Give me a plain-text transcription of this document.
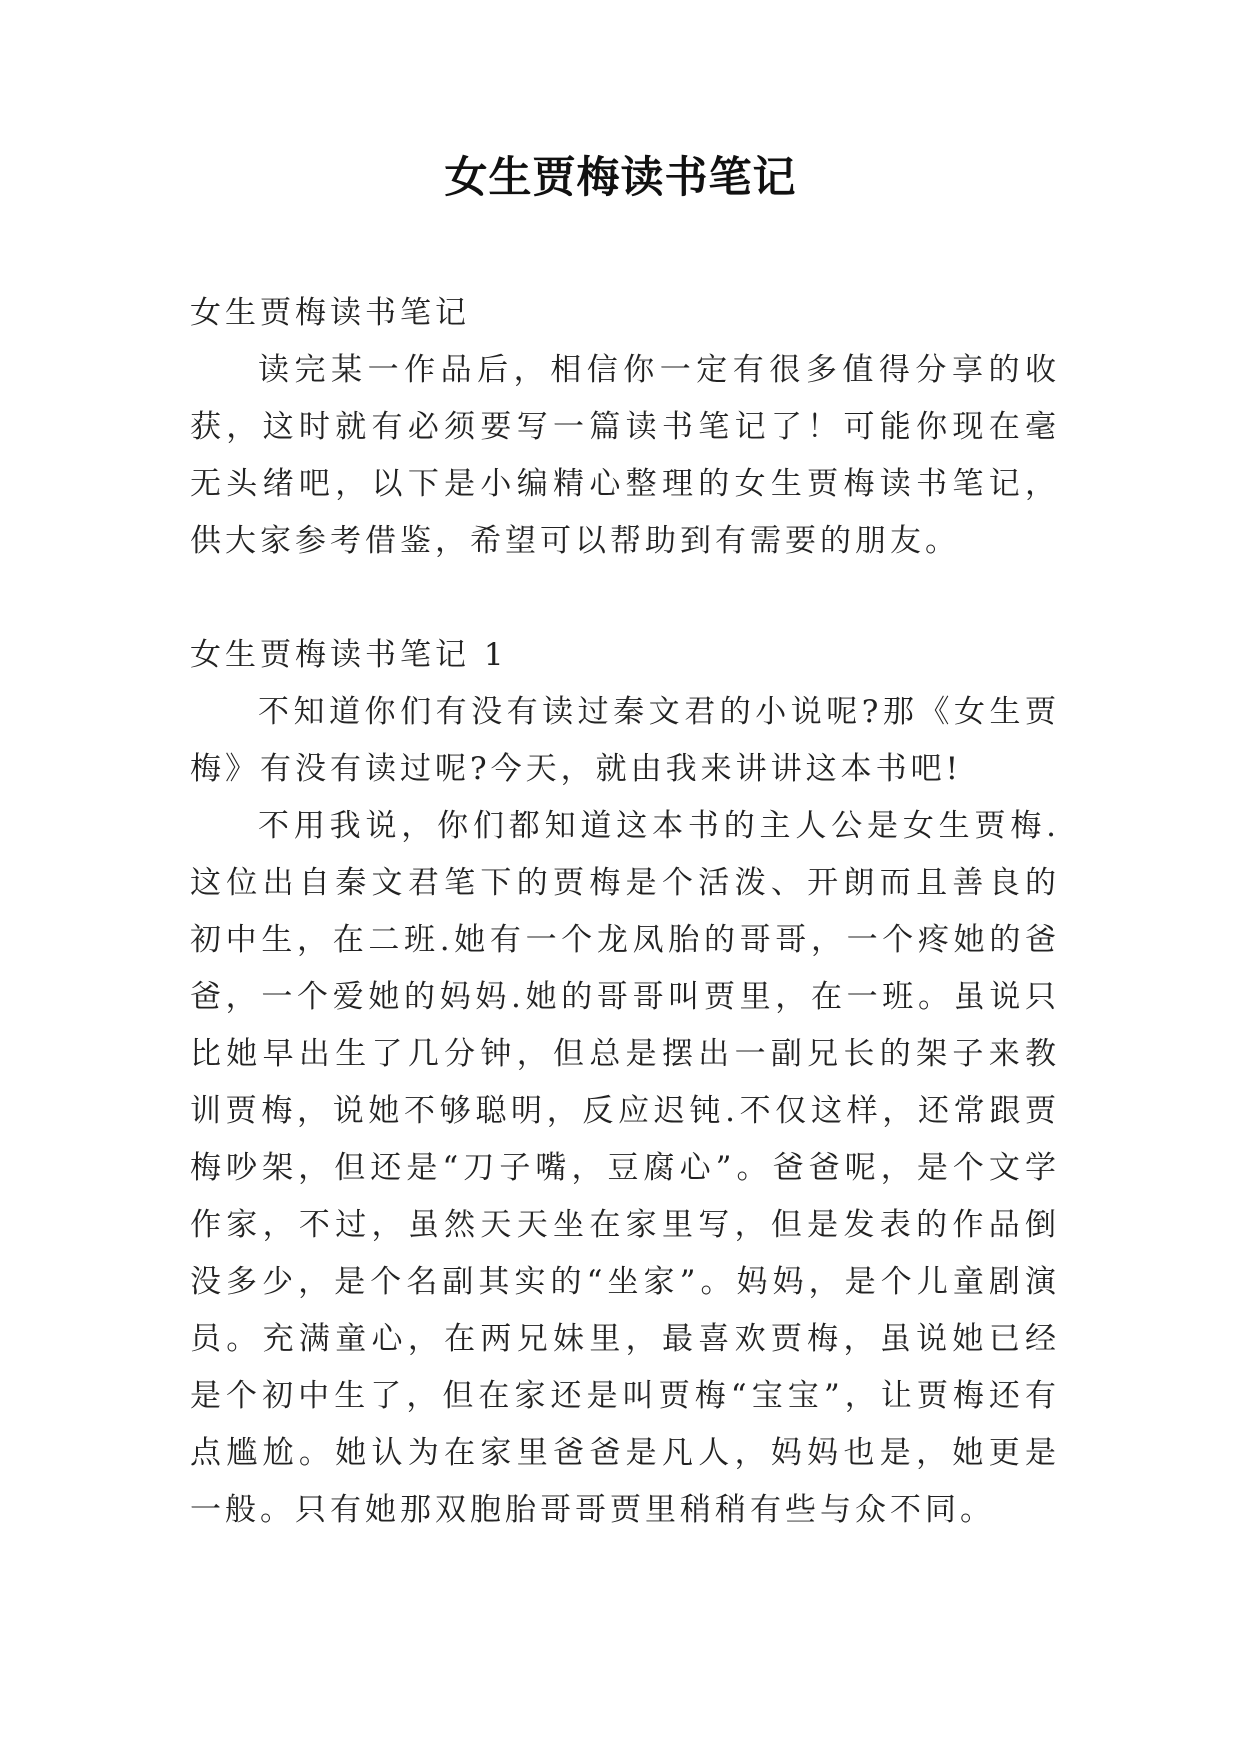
女生贾梅读书笔记

女生贾梅读书笔记

读完某一作品后，相信你一定有很多值得分享的收获，这时就有必须要写一篇读书笔记了！可能你现在毫无头绪吧，以下是小编精心整理的女生贾梅读书笔记，供大家参考借鉴，希望可以帮助到有需要的朋友。

女生贾梅读书笔记 1

不知道你们有没有读过秦文君的小说呢?那《女生贾梅》有没有读过呢?今天，就由我来讲讲这本书吧!

不用我说，你们都知道这本书的主人公是女生贾梅.这位出自秦文君笔下的贾梅是个活泼、开朗而且善良的初中生，在二班.她有一个龙凤胎的哥哥，一个疼她的爸爸，一个爱她的妈妈.她的哥哥叫贾里，在一班。虽说只比她早出生了几分钟，但总是摆出一副兄长的架子来教训贾梅，说她不够聪明，反应迟钝.不仅这样，还常跟贾梅吵架，但还是“刀子嘴，豆腐心”。爸爸呢，是个文学作家，不过，虽然天天坐在家里写，但是发表的作品倒没多少，是个名副其实的“坐家”。妈妈，是个儿童剧演员。充满童心，在两兄妹里，最喜欢贾梅，虽说她已经是个初中生了，但在家还是叫贾梅“宝宝”，让贾梅还有点尴尬。她认为在家里爸爸是凡人，妈妈也是，她更是一般。只有她那双胞胎哥哥贾里稍稍有些与众不同。
